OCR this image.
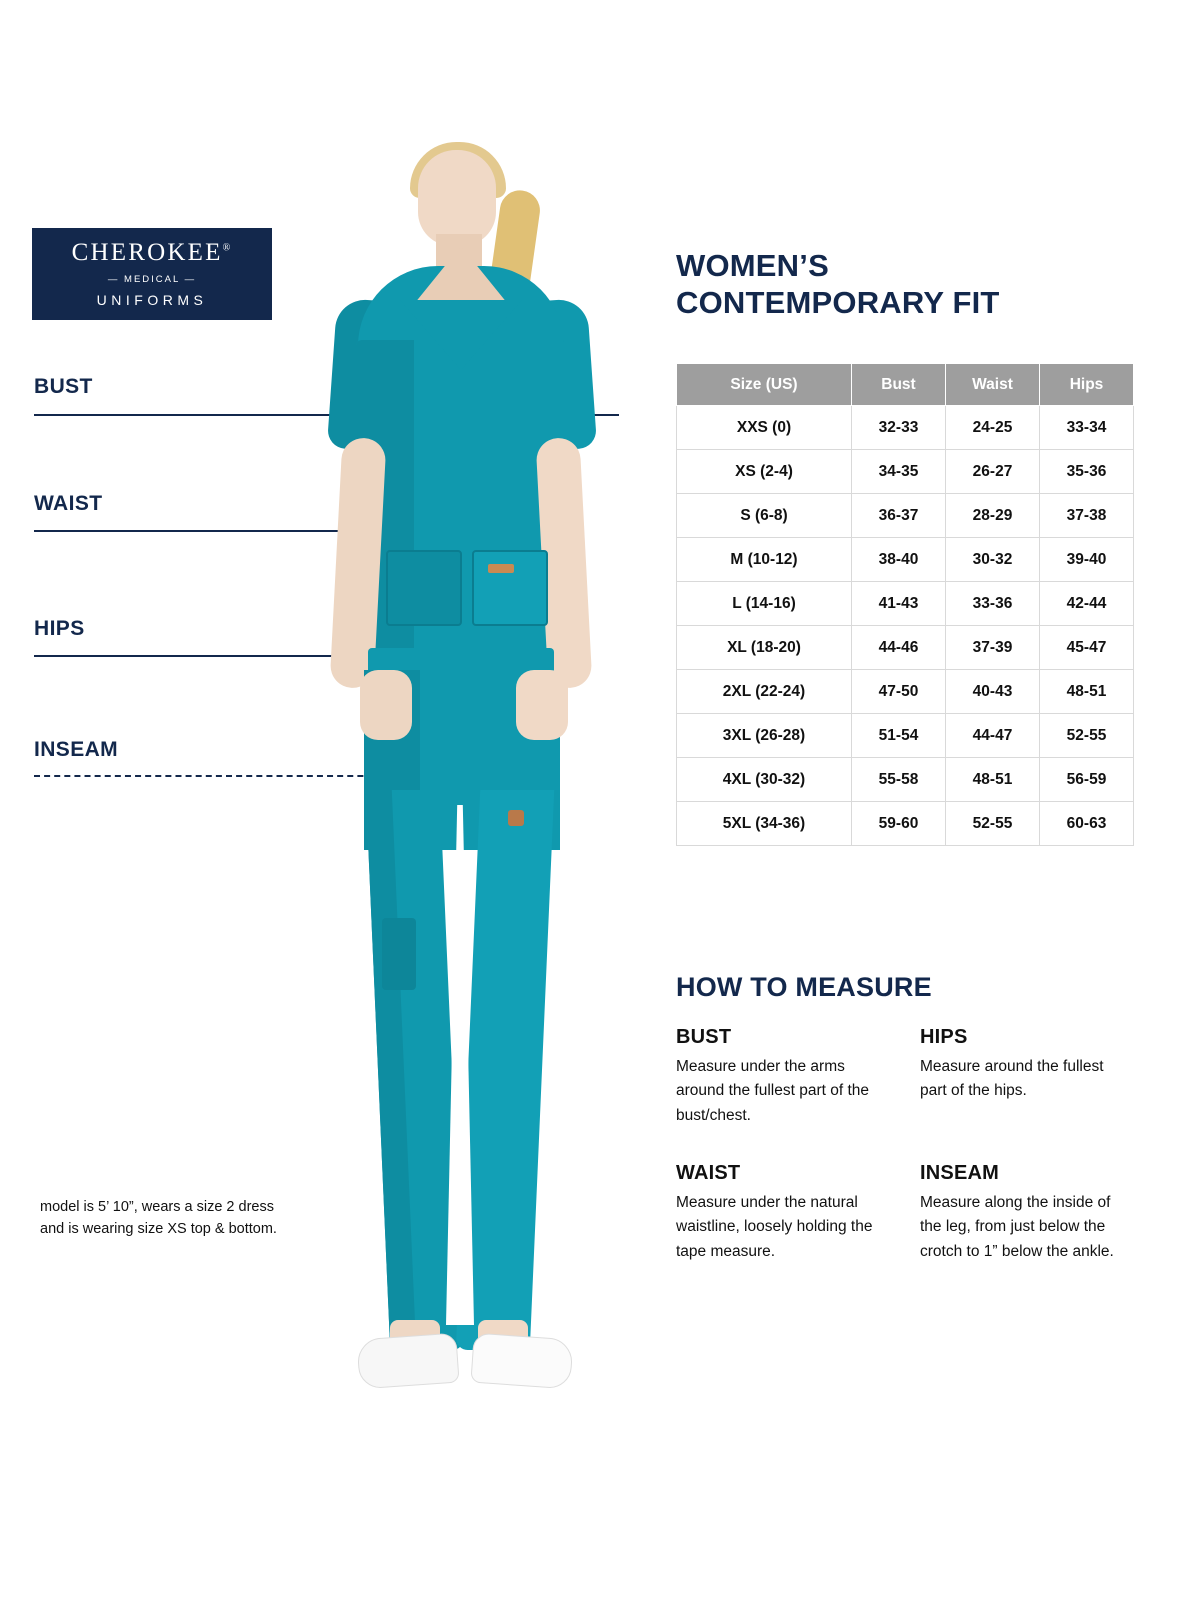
CHEROKEE®
— MEDICAL —
UNIFORMS
BUST
WAIST
HIPS
INSEAM
model is 5’ 10”, wears a size 2 dress and is wearing size XS top & bottom.
WOMEN’S
CONTEMPORARY FIT
Size (US)	Bust	Waist	Hips
XXS (0)	32-33	24-25	33-34
XS (2-4)	34-35	26-27	35-36
S (6-8)	36-37	28-29	37-38
M (10-12)	38-40	30-32	39-40
L (14-16)	41-43	33-36	42-44
XL (18-20)	44-46	37-39	45-47
2XL (22-24)	47-50	40-43	48-51
3XL (26-28)	51-54	44-47	52-55
4XL (30-32)	55-58	48-51	56-59
5XL (34-36)	59-60	52-55	60-63
HOW TO MEASURE
BUST

Measure under the arms around the fullest part of the bust/chest.

HIPS

Measure around the fullest part of the hips.

WAIST

Measure under the natural waistline, loosely holding the tape measure.

INSEAM

Measure along the inside of the leg, from just below the crotch to 1” below the ankle.
